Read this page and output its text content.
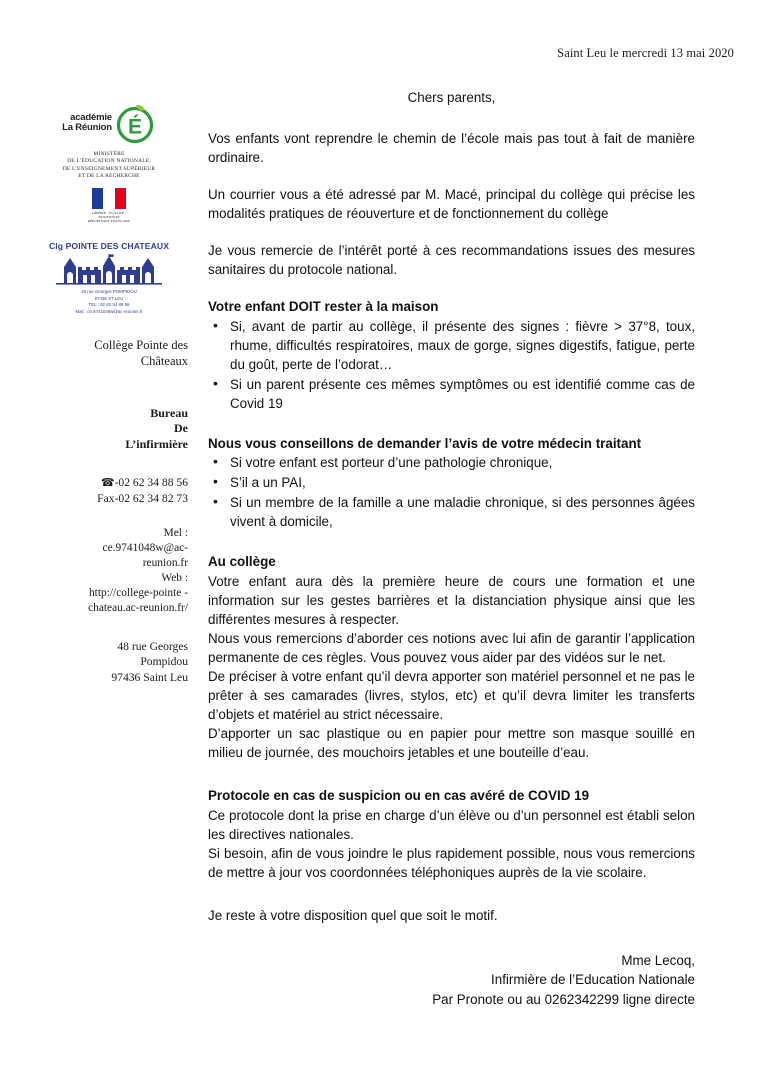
Saint Leu le mercredi 13 mai 2020
académie
La Réunion É
MINISTÈRE
DE L’ÉDUCATION NATIONALE,
DE L’ENSEIGNEMENT SUPÉRIEUR
ET DE LA RECHERCHE
LIBERTÉ · ÉGALITÉ · FRATERNITÉ
RÉPUBLIQUE FRANÇAISE
Clg POINTE DES CHATEAUX
48 rue Georges POMPIDOU
97436 ST LEU
TEL : 02 62 34 88 56
Mail : ce.9741048w@ac-reunion.fr
Collège Pointe des
Châteaux
Bureau
De
L’infirmière
☎-02 62 34 88 56
Fax-02 62 34 82 73
Mel :
ce.9741048w@ac-
reunion.fr
Web :
http://college-pointe -
chateau.ac-reunion.fr/
48 rue Georges
Pompidou
97436 Saint Leu

Chers parents,

Vos enfants vont reprendre le chemin de l’école mais pas tout à fait de manière ordinaire.

Un courrier vous a été adressé par M. Macé, principal du collège qui précise les modalités pratiques de réouverture et de fonctionnement du collège

Je vous remercie de l’intérêt porté à ces recommandations issues des mesures sanitaires du protocole national.

Votre enfant DOIT rester à la maison
• Si, avant de partir au collège, il présente des signes : fièvre > 37°8, toux, rhume, difficultés respiratoires, maux de gorge, signes digestifs, fatigue, perte du goût, perte de l’odorat…
• Si un parent présente ces mêmes symptômes ou est identifié comme cas de Covid 19
Nous vous conseillons de demander l’avis de votre médecin traitant
• Si votre enfant est porteur d’une pathologie chronique,
• S’il a un PAI,
• Si un membre de la famille a une maladie chronique, si des personnes âgées vivent à domicile,
Au collège

Votre enfant aura dès la première heure de cours une formation et une information sur les gestes barrières et la distanciation physique ainsi que les différentes mesures à respecter.

Nous vous remercions d’aborder ces notions avec lui afin de garantir l’application permanente de ces règles. Vous pouvez vous aider par des vidéos sur le net.

De préciser à votre enfant qu’il devra apporter son matériel personnel et ne pas le prêter à ses camarades (livres, stylos, etc) et qu’il devra limiter les transferts d’objets et matériel au strict nécessaire.

D’apporter un sac plastique ou en papier pour mettre son masque souillé en milieu de journée, des mouchoirs jetables et une bouteille d’eau.

Protocole en cas de suspicion ou en cas avéré de COVID 19

Ce protocole dont la prise en charge d’un élève ou d’un personnel est établi selon les directives nationales.

Si besoin, afin de vous joindre le plus rapidement possible, nous vous remercions de mettre à jour vos coordonnées téléphoniques auprès de la vie scolaire.

Je reste à votre disposition quel que soit le motif.

Mme Lecoq,
Infirmière de l’Education Nationale
Par Pronote ou au 0262342299 ligne directe
